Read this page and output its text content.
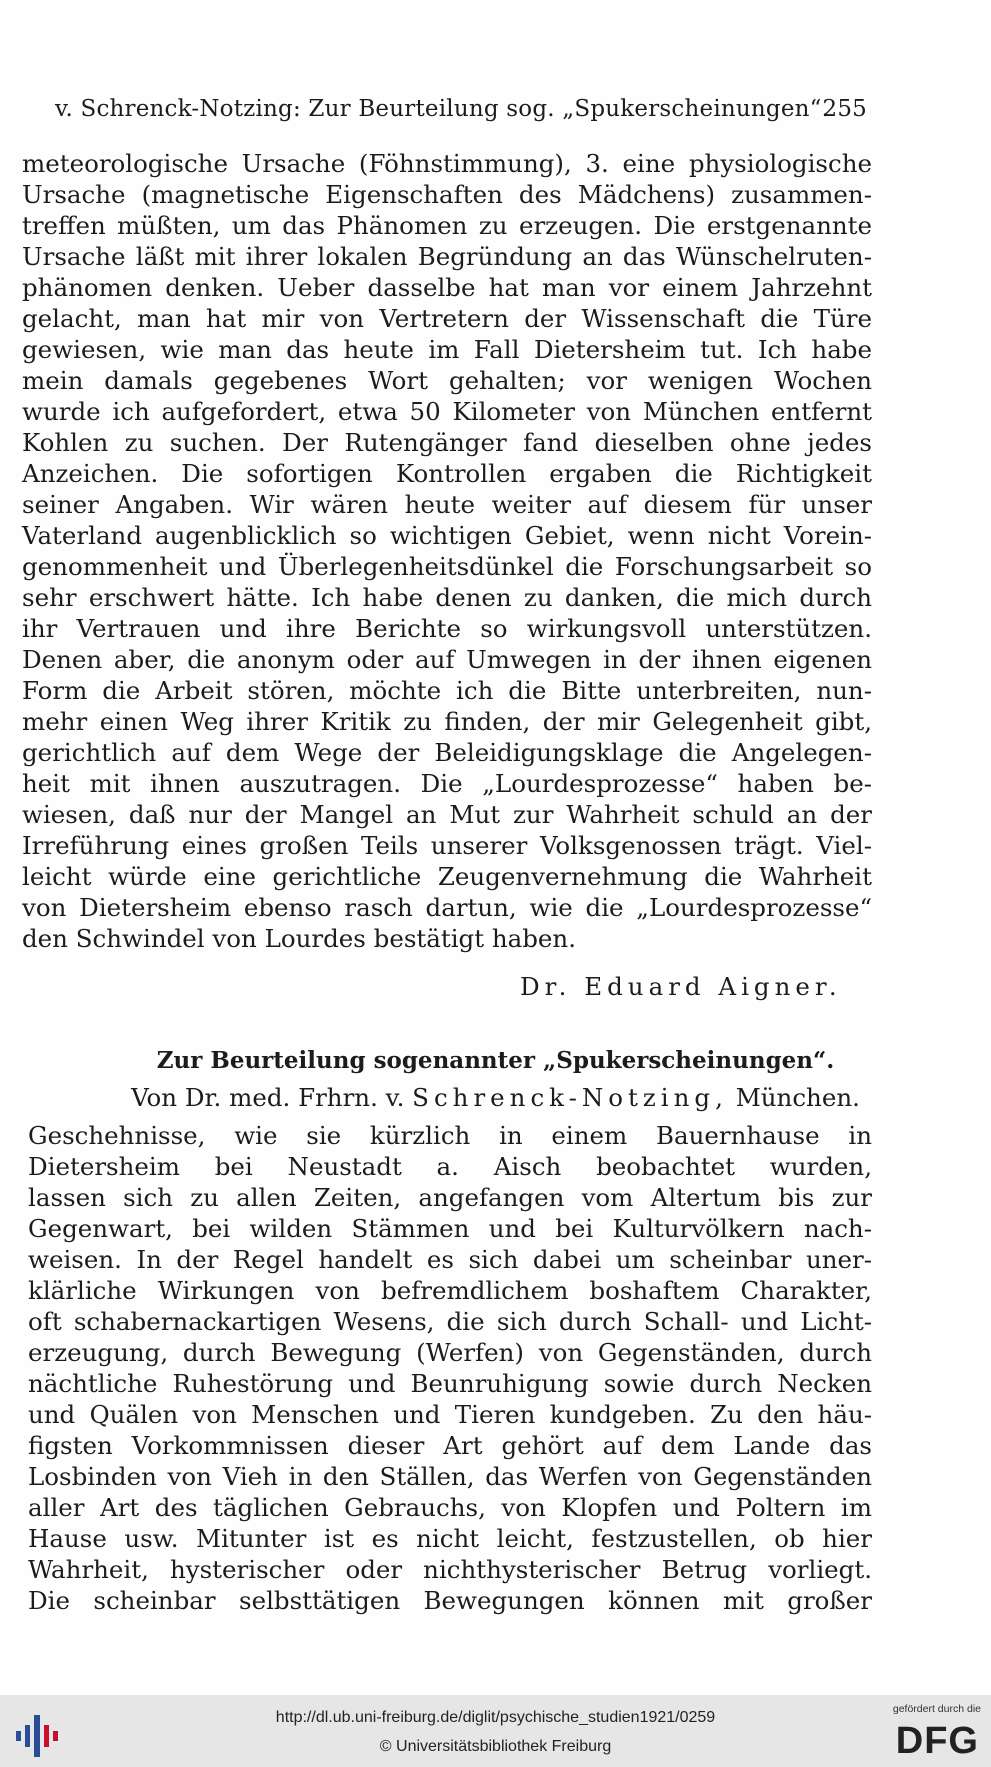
v. Schrenck-Notzing: Zur Beurteilung sog. „Spukerscheinungen“.
255
meteorologische Ursache (Föhnstimmung), 3. eine physiologische
Ursache (magnetische Eigenschaften des Mädchens) zusammen-
treffen müßten, um das Phänomen zu erzeugen. Die erstgenannte
Ursache läßt mit ihrer lokalen Begründung an das Wünschelruten-
phänomen denken. Ueber dasselbe hat man vor einem Jahrzehnt
gelacht, man hat mir von Vertretern der Wissenschaft die Türe
gewiesen, wie man das heute im Fall Dietersheim tut. Ich habe
mein damals gegebenes Wort gehalten; vor wenigen Wochen
wurde ich aufgefordert, etwa 50 Kilometer von München entfernt
Kohlen zu suchen. Der Rutengänger fand dieselben ohne jedes
Anzeichen. Die sofortigen Kontrollen ergaben die Richtigkeit
seiner Angaben. Wir wären heute weiter auf diesem für unser
Vaterland augenblicklich so wichtigen Gebiet, wenn nicht Vorein-
genommenheit und Überlegenheitsdünkel die Forschungsarbeit so
sehr erschwert hätte. Ich habe denen zu danken, die mich durch
ihr Vertrauen und ihre Berichte so wirkungsvoll unterstützen.
Denen aber, die anonym oder auf Umwegen in der ihnen eigenen
Form die Arbeit stören, möchte ich die Bitte unterbreiten, nun-
mehr einen Weg ihrer Kritik zu finden, der mir Gelegenheit gibt,
gerichtlich auf dem Wege der Beleidigungsklage die Angelegen-
heit mit ihnen auszutragen. Die „Lourdesprozesse“ haben be-
wiesen, daß nur der Mangel an Mut zur Wahrheit schuld an der
Irreführung eines großen Teils unserer Volksgenossen trägt. Viel-
leicht würde eine gerichtliche Zeugenvernehmung die Wahrheit
von Dietersheim ebenso rasch dartun, wie die „Lourdesprozesse“
den Schwindel von Lourdes bestätigt haben.
Dr. Eduard Aigner.
Zur Beurteilung sogenannter „Spukerscheinungen“.
Von Dr. med. Frhrn. v. Schrenck-Notzing, München.
Geschehnisse, wie sie kürzlich in einem Bauernhause in
Dietersheim bei Neustadt a. Aisch beobachtet wurden,
lassen sich zu allen Zeiten, angefangen vom Altertum bis zur
Gegenwart, bei wilden Stämmen und bei Kulturvölkern nach-
weisen. In der Regel handelt es sich dabei um scheinbar uner-
klärliche Wirkungen von befremdlichem boshaftem Charakter,
oft schabernackartigen Wesens, die sich durch Schall- und Licht-
erzeugung, durch Bewegung (Werfen) von Gegenständen, durch
nächtliche Ruhestörung und Beunruhigung sowie durch Necken
und Quälen von Menschen und Tieren kundgeben. Zu den häu-
figsten Vorkommnissen dieser Art gehört auf dem Lande das
Losbinden von Vieh in den Ställen, das Werfen von Gegenständen
aller Art des täglichen Gebrauchs, von Klopfen und Poltern im
Hause usw. Mitunter ist es nicht leicht, festzustellen, ob hier
Wahrheit, hysterischer oder nichthysterischer Betrug vorliegt.
Die scheinbar selbsttätigen Bewegungen können mit großer
http://dl.ub.uni-freiburg.de/diglit/psychische_studien1921/0259
© Universitätsbibliothek Freiburg
gefördert durch die
DFG
